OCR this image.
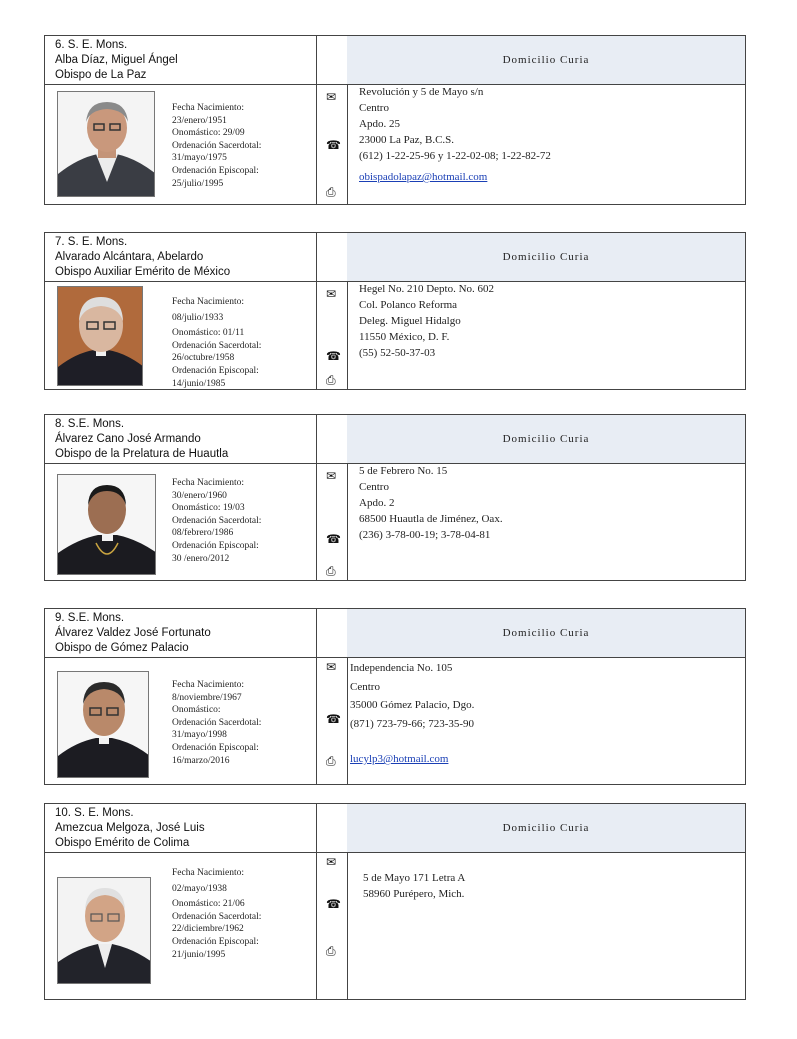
6. S. E. Mons.
Alba Díaz, Miguel Ángel
Obispo de La Paz
Domicilio Curia
Fecha Nacimiento:
23/enero/1951
Onomástico: 29/09
Ordenación Sacerdotal:
31/mayo/1975
Ordenación Episcopal:
25/julio/1995
✉
☎
⎙
Revolución y 5 de Mayo s/n
Centro
Apdo. 25
23000 La Paz, B.C.S.
(612) 1-22-25-96 y 1-22-02-08; 1-22-82-72
obispadolapaz@hotmail.com
7. S. E. Mons.
Alvarado Alcántara, Abelardo
Obispo Auxiliar Emérito de México
Domicilio Curia
Fecha Nacimiento:
08/julio/1933
Onomástico: 01/11
Ordenación Sacerdotal:
26/octubre/1958
Ordenación Episcopal:
14/junio/1985
✉
☎
⎙
Hegel No. 210 Depto. No. 602
Col. Polanco Reforma
Deleg. Miguel Hidalgo
11550 México, D. F.
(55) 52-50-37-03
8. S.E. Mons.
Álvarez Cano José Armando
Obispo de la Prelatura de Huautla
Domicilio Curia
Fecha Nacimiento:
30/enero/1960
Onomástico: 19/03
Ordenación Sacerdotal:
08/febrero/1986
Ordenación Episcopal:
30 /enero/2012
✉
☎
⎙
5 de Febrero No. 15
Centro
Apdo. 2
68500 Huautla de Jiménez, Oax.
(236) 3-78-00-19; 3-78-04-81
9. S.E. Mons.
Álvarez Valdez José Fortunato
Obispo de Gómez Palacio
Domicilio Curia
Fecha Nacimiento:
8/noviembre/1967
Onomástico:
Ordenación Sacerdotal:
31/mayo/1998
Ordenación Episcopal:
16/marzo/2016
✉
☎
⎙
Independencia No. 105
Centro
35000 Gómez Palacio, Dgo.
(871) 723-79-66; 723-35-90
lucylp3@hotmail.com
10. S. E. Mons.
Amezcua Melgoza, José Luis
Obispo Emérito de Colima
Domicilio Curia
Fecha Nacimiento:
02/mayo/1938
Onomástico: 21/06
Ordenación Sacerdotal:
22/diciembre/1962
Ordenación Episcopal:
21/junio/1995
✉
☎
⎙
5 de Mayo 171 Letra A
58960 Purépero, Mich.
